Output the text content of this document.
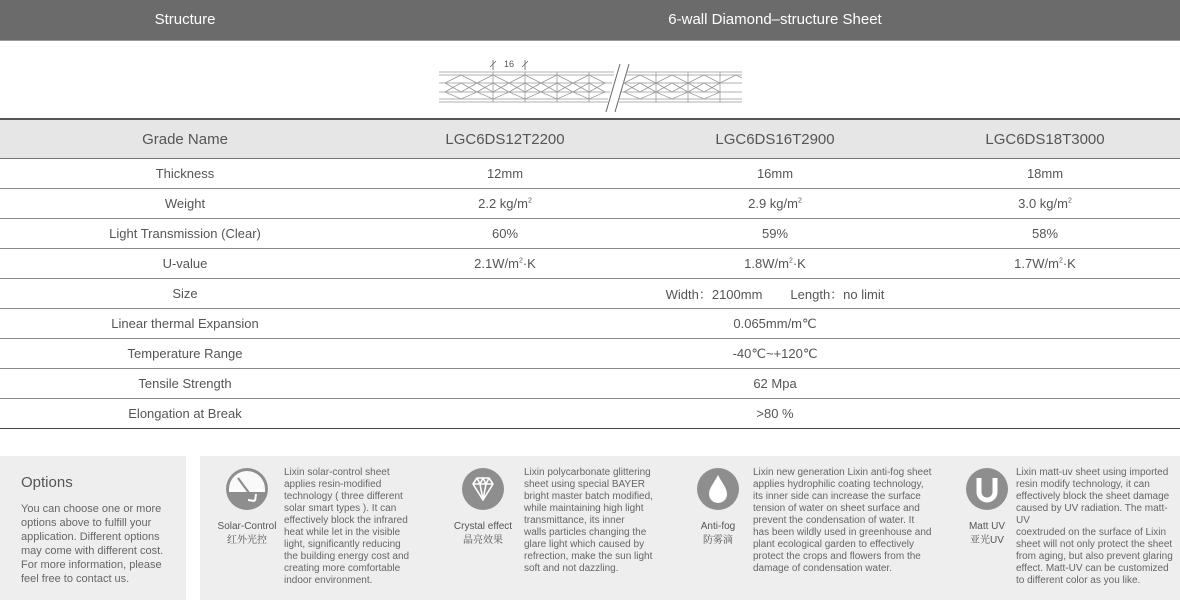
Structure	6-wall Diamond–structure Sheet
16
Grade Name	LGC6DS12T2200	LGC6DS16T2900	LGC6DS18T3000
Thickness	12mm	16mm	18mm
Weight	2.2 $kg/m^2$	2.9 $kg/m^2$	3.0 $kg/m^2$
Light Transmission (Clear)	60%	59%	58%
U-value	$2.1W/m^2\cdot K$	$1.8W/m^2\cdot K$	$1.7W/m^2\cdot K$
Size	Width：2100mm Length：no limit		
Linear thermal Expansion	0.065mm/m℃		
Temperature Range	-40℃~+120℃		
Tensile Strength	62 Mpa		
Elongation at Break	>80 %		
Options
You can choose one or more
options above to fulfill your
application. Different options
may come with different cost.
For more information, please
feel free to contact us.
Solar-Control
红外光控
Lixin solar-control sheet
applies resin-modified
technology ( three different
solar smart types ). It can
effectively block the infrared
heat while let in the visible
light, significantly reducing
the building energy cost and
creating more comfortable
indoor environment.
Crystal effect
晶亮效果
Lixin polycarbonate glittering
sheet using special BAYER
bright master batch modified,
while maintaining high light
transmittance, its inner
walls particles changing the
glare light which caused by
refrection, make the sun light
soft and not dazzling.
Anti-fog
防雾滴
Lixin new generation Lixin anti-fog sheet
applies hydrophilic coating technology,
its inner side can increase the surface
tension of water on sheet surface and
prevent the condensation of water. It
has been wildly used in greenhouse and
plant ecological garden to effectively
protect the crops and flowers from the
damage of condensation water.
Matt UV
亚光UV
Lixin matt-uv sheet using imported
resin modify technology, it can
effectively block the sheet damage
caused by UV radiation. The matt-UV
coextruded on the surface of Lixin
sheet will not only protect the sheet
from aging, but also prevent glaring
effect. Matt-UV can be customized
to different color as you like.
